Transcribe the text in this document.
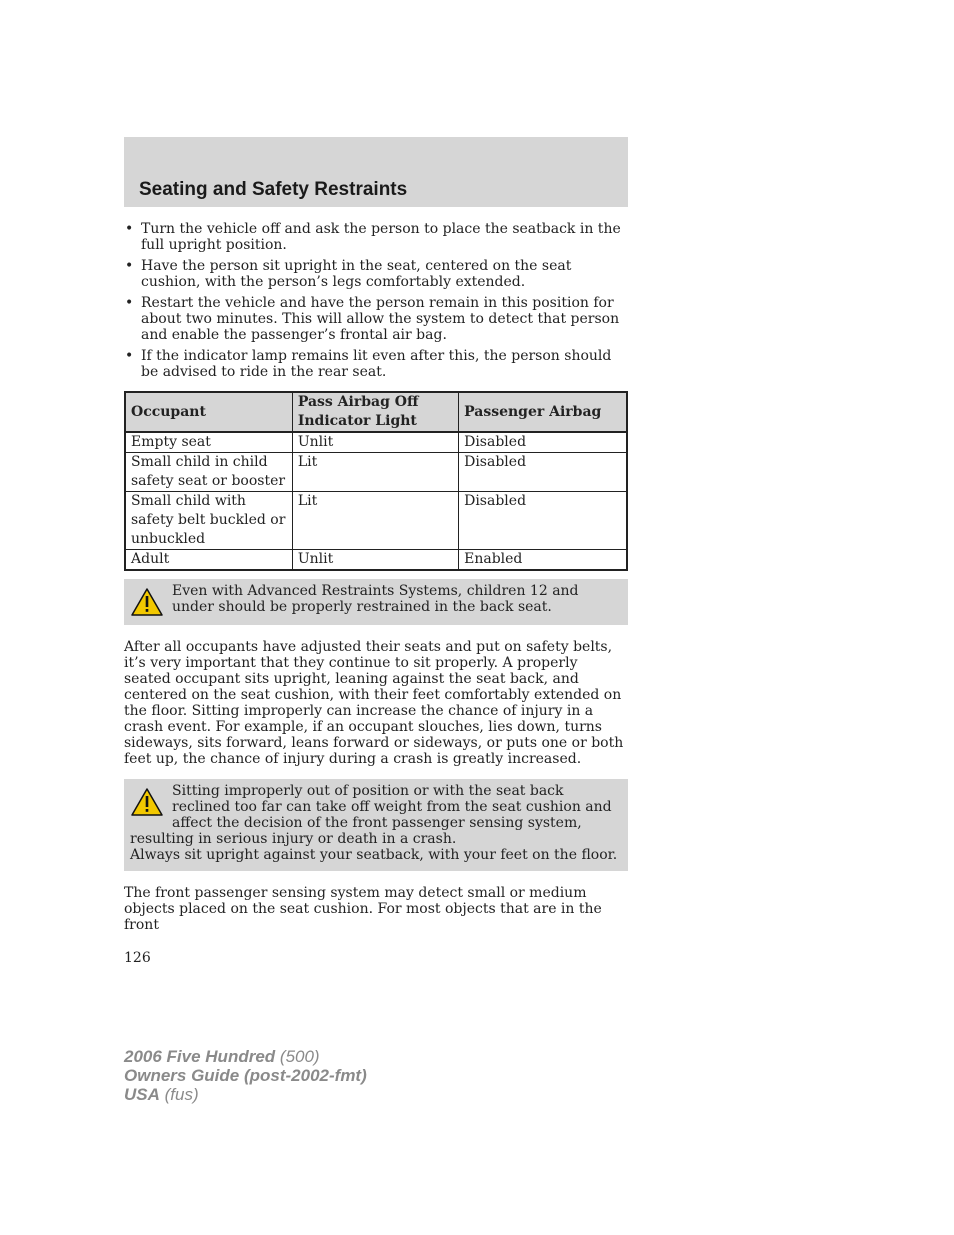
Seating and Safety Restraints
• Turn the vehicle off and ask the person to place the seatback in the full upright position.
• Have the person sit upright in the seat, centered on the seat cushion, with the person’s legs comfortably extended.
• Restart the vehicle and have the person remain in this position for about two minutes. This will allow the system to detect that person and enable the passenger’s frontal air bag.
• If the indicator lamp remains lit even after this, the person should be advised to ride in the rear seat.
Occupant	Pass Airbag Off Indicator Light	Passenger Airbag
Empty seat	Unlit	Disabled
Small child in child safety seat or booster	Lit	Disabled
Small child with safety belt buckled or unbuckled	Lit	Disabled
Adult	Unlit	Enabled

Even with Advanced Restraints Systems, children 12 and under should be properly restrained in the back seat.

After all occupants have adjusted their seats and put on safety belts, it’s very important that they continue to sit properly. A properly seated occupant sits upright, leaning against the seat back, and centered on the seat cushion, with their feet comfortably extended on the floor. Sitting improperly can increase the chance of injury in a crash event. For example, if an occupant slouches, lies down, turns sideways, sits forward, leans forward or sideways, or puts one or both feet up, the chance of injury during a crash is greatly increased.

Sitting improperly out of position or with the seat back reclined too far can take off weight from the seat cushion and affect the decision of the front passenger sensing system, resulting in serious injury or death in a crash.

Always sit upright against your seatback, with your feet on the floor.

The front passenger sensing system may detect small or medium objects placed on the seat cushion. For most objects that are in the front

126
2006 Five Hundred (500)
Owners Guide (post-2002-fmt)
USA (fus)
